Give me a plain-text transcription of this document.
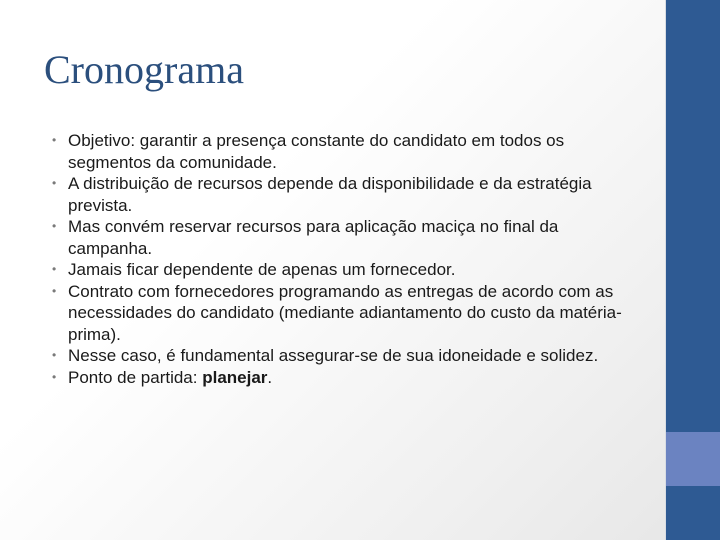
Cronograma
• Objetivo: garantir a presença constante do candidato em todos os segmentos da comunidade.
• A distribuição de recursos depende da disponibilidade e da estratégia prevista.
• Mas convém reservar recursos para aplicação maciça no final da campanha.
• Jamais ficar dependente de apenas um fornecedor.
• Contrato com fornecedores programando as entregas de acordo com as necessidades do candidato (mediante adiantamento do custo da matéria-prima).
• Nesse caso, é fundamental assegurar-se de sua idoneidade e solidez.
• Ponto de partida: planejar.
